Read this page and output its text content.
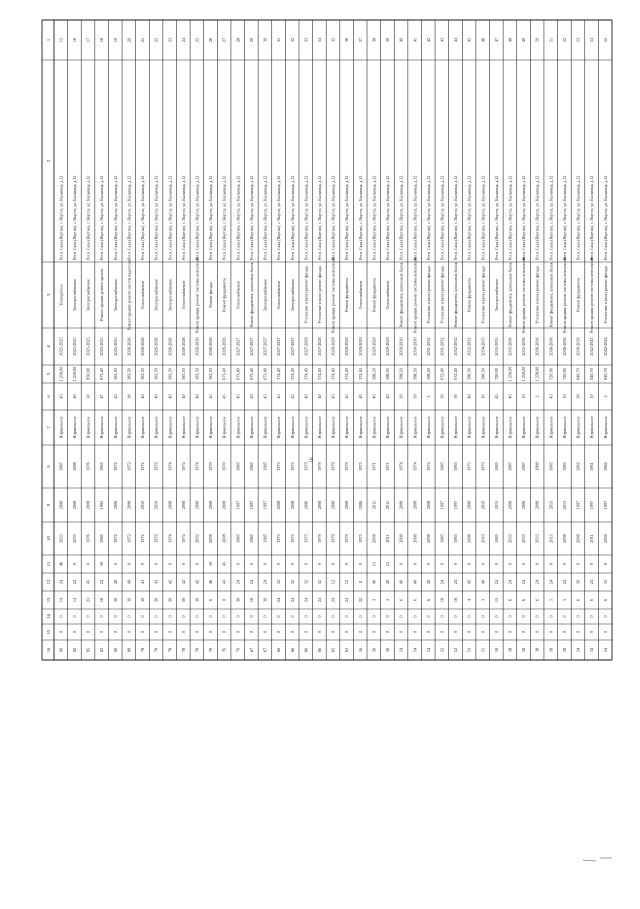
16
1
2
3
4
5
6
7
8
9
10
11
12
13
14
15
16
15
Респ. Саха (Якутия), г. Якутск, ул. Кальвица, д.12
Техподполье
2025-2025
1 258,00
45
Нормальное
1987
2008
2033
46
24
14
0
0
90
16
Респ. Саха (Якутия), г. Якутск, ул. Кальвица, д.12
Электроснабжение
2025-2025
1 250,00
40
Нормальное
1988
2008
2033
0
24
14
0
0
82
17
Респ. Саха (Якутия), г. Якутск, ул. Кальвица, д.12
Электроснабжение
2025-2025
850,00
30
Нормальное
1976
2008
1976
0
45
23
0
0
85
18
Респ. Саха (Якутия), г. Якутск, ул. Кальвица, д.12
Ремонт крыши: ремонт кровли
2025-2025
673,40
47
Нормальное
1965
1985
1985
30
24
18
0
0
82
19
Респ. Саха (Якутия), г. Якутск, ул. Кальвица, д.12
Электроснабжение
2025-2025
383,50
45
Нормальное
1972
2008
1972
0
49
30
0
0
80
20
Респ. Саха (Якутия), г. Якутск, ул. Кальвица, д.12
Ремонт крыши: ремонт систем водостока
2026-2026
383,50
38
Нормальное
1972
2008
1972
0
49
30
0
0
80
21
Респ. Саха (Якутия), г. Якутск, ул. Кальвица, д.12
Теплоснабжение
2026-2026
383,50
40
Нормальное
1972
2010
1972
0
43
30
0
0
78
22
Респ. Саха (Якутия), г. Якутск, ул. Кальвица, д.12
Электроснабжение
2026-2026
383,50
40
Нормальное
1972
2010
1972
0
43
30
0
0
78
23
Респ. Саха (Якутия), г. Якутск, ул. Кальвица, д.12
Электроснабжение
2026-2026
383,50
40
Нормальное
1974
2008
1974
0
42
30
0
0
78
24
Респ. Саха (Якутия), г. Якутск, ул. Кальвица, д.12
Теплоснабжение
2026-2026
383,50
40
Нормальное
1974
2008
1974
0
42
30
0
0
78
25
Респ. Саха (Якутия), г. Якутск, ул. Кальвица, д.12
Ремонт крыши: ремонт системы вентиляции
2026-2026
383,50
40
Нормальное
1974
2008
2002
0
42
30
0
0
78
26
Респ. Саха (Якутия), г. Якутск, ул. Кальвица, д.12
Ремонт фасада
2026-2026
383,50
45
Нормальное
1970
2008
2008
30
46
6
0
0
76
27
Респ. Саха (Якутия), г. Якутск, ул. Кальвица, д.12
Ремонт фундамента
2026-2026
673,40
45
Нормальное
1970
2008
2008
45
43
0
0
0
76
28
Респ. Саха (Якутия), г. Якутск, ул. Кальвица, д.12
Теплоснабжение
2027-2027
673,40
45
Нормальное
1985
1997
1985
0
24
30
0
0
70
29
Респ. Саха (Якутия), г. Якутск, ул. Кальвица, д.12
Ремонт фундамента, цокольных балок
2027-2027
673,40
49
Нормальное
1985
1997
1985
0
24
18
0
0
67
30
Респ. Саха (Якутия), г. Якутск, ул. Кальвица, д.12
Электроснабжение
2027-2027
673,40
45
Нормальное
1985
1997
1985
0
24
30
0
0
67
31
Респ. Саха (Якутия), г. Якутск, ул. Кальвица, д.12
Теплоснабжение
2027-2027
374,40
45
Нормальное
1975
2008
1975
0
32
24
0
0
66
32
Респ. Саха (Якутия), г. Якутск, ул. Кальвица, д.12
Электроснабжение
2027-2027
374,40
45
Нормальное
1975
2008
1975
0
32
24
0
0
66
33
Респ. Саха (Якутия), г. Якутск, ул. Кальвица, д.12
Утепление и (или) ремонт фасада
2027-2028
374,40
40
Нормальное
1975
2006
1975
0
32
24
0
0
66
34
Респ. Саха (Якутия), г. Якутск, ул. Кальвица, д.12
Утепление и (или) ремонт фасада
2027-2028
374,40
40
Нормальное
1979
2008
1979
0
32
24
0
0
66
35
Респ. Саха (Якутия), г. Якутск, ул. Кальвица, д.12
Ремонт крыши: ремонт системы вентиляции
2028-2028
374,40
45
Нормальное
1979
2008
1979
0
12
24
0
0
65
36
Респ. Саха (Якутия), г. Якутск, ул. Кальвица, д.12
Ремонт фундамента
2028-2028
374,40
45
Нормальное
1979
2008
1979
0
12
24
0
0
65
37
Респ. Саха (Якутия), г. Якутск, ул. Кальвица, д.12
Теплоснабжение
2029-2029
374,40
40
Нормальное
1975
2006
1975
0
0
22
0
0
56
38
Респ. Саха (Якутия), г. Якутск, ул. Кальвица, д.12
Ремонт фундамента
2029-2029
588,50
40
Нормальное
1971
2011
2008
13
40
3
0
0
56
39
Респ. Саха (Якутия), г. Якутск, ул. Кальвица, д.12
Теплоснабжение
2029-2029
588,50
40
Нормальное
1971
2011
2011
15
40
3
0
0
56
40
Респ. Саха (Якутия), г. Якутск, ул. Кальвица, д.12
Ремонт фундамента, цокольных балок
2030-2030
588,50
39
Нормальное
1974
2008
2008
0
40
6
0
0
54
41
Респ. Саха (Якутия), г. Якутск, ул. Кальвица, д.12
Ремонт крыши: ремонт системы вентиляции
2030-2030
588,50
39
Нормальное
1974
2008
2008
0
40
6
0
0
54
42
Респ. Саха (Якутия), г. Якутск, ул. Кальвица, д.12
Утепление и (или) ремонт фасада
2031-2032
588,50
1
Нормальное
1974
2008
2008
0
40
6
0
0
54
43
Респ. Саха (Якутия), г. Якутск, ул. Кальвица, д.12
Утепление и (или) ремонт фасада
2031-2032
672,40
50
Нормальное
1985
1997
1985
0
24
18
0
0
52
44
Респ. Саха (Якутия), г. Якутск, ул. Кальвица, д.12
Ремонт фундамента, цокольных балок
2032-2032
672,40
50
Нормальное
1985
1997
1985
0
24
18
0
0
52
45
Респ. Саха (Якутия), г. Якутск, ул. Кальвица, д.12
Ремонт фундамента
2032-2032
580,50
40
Нормальное
1973
2008
2008
0
45
4
0
0
53
46
Респ. Саха (Якутия), г. Якутск, ул. Кальвица, д.12
Утепление и (или) ремонт фасада
2034-2035
580,50
10
Нормальное
1970
2010
2010
0
40
3
0
0
51
47
Респ. Саха (Якутия), г. Якутск, ул. Кальвица, д.12
Электроснабжение
2035-2035
720,00
45
Нормальное
1985
2013
1985
0
24
15
0
0
50
48
Респ. Саха (Якутия), г. Якутск, ул. Кальвица, д.12
Ремонт фундамента, цокольных балок
2035-2036
1 258,00
40
Нормальное
1987
2008
2033
0
24
6
0
0
38
49
Респ. Саха (Якутия), г. Якутск, ул. Кальвица, д.12
Ремонт крыши: ремонт системы вентиляции
2035-2036
1 258,00
10
Нормальное
1987
2008
2033
0
24
6
0
0
38
50
Респ. Саха (Якутия), г. Якутск, ул. Кальвица, д.12
Утепление и (или) ремонт фасада
2036-2036
1 258,00
2
Нормальное
1988
2008
2033
0
24
6
0
0
38
51
Респ. Саха (Якутия), г. Якутск, ул. Кальвица, д.12
Ремонт фундамента, цокольных балок
2036-2036
720,00
45
Нормальное
1985
2013
2013
0
24
5
0
0
38
52
Респ. Саха (Якутия), г. Якутск, ул. Кальвица, д.12
Ремонт крыши: ремонт системы вентиляции
2036-2036
720,00
10
Нормальное
1985
2013
2008
0
24
5
0
0
38
53
Респ. Саха (Якутия), г. Якутск, ул. Кальвица, д.12
Ремонт фундамента
2039-2039
840,70
38
Нормальное
1962
1997
2008
0
30
6
0
0
34
54
Респ. Саха (Якутия), г. Якутск, ул. Кальвица, д.12
Ремонт крыши: ремонт системы вентиляции
2042-2043
840,70
10
Нормальное
1961
1997
2011
0
24
6
0
0
34
55
Респ. Саха (Якутия), г. Якутск, ул. Кальвица, д.12
Утепление и (или) ремонт фасада
2042-2044
840,70
2
Нормальное
1962
1997
2008
0
33
6
0
0
34
